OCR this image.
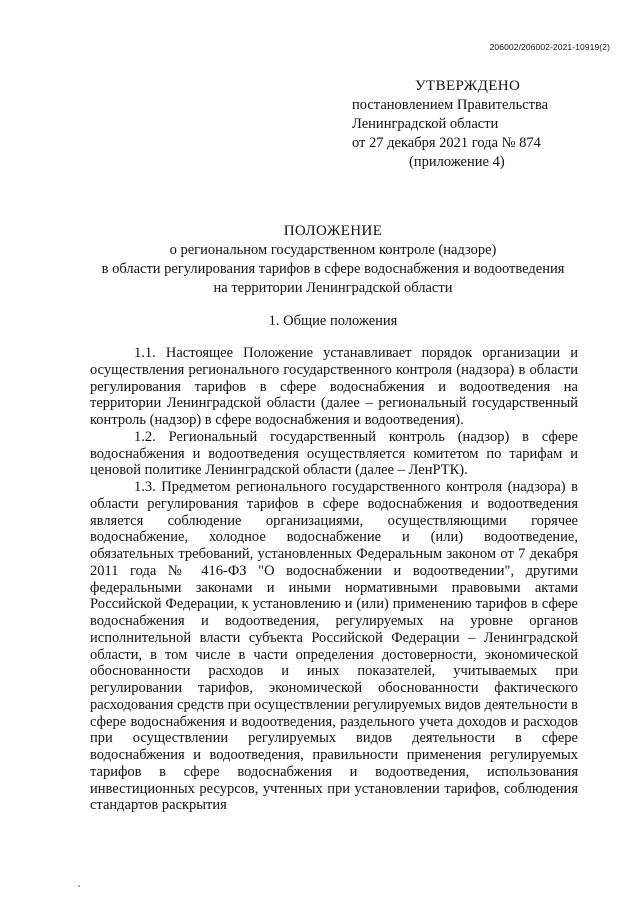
206002/206002-2021-10919(2)
УТВЕРЖДЕНО
постановлением Правительства
Ленинградской области
от 27 декабря 2021 года № 874
(приложение 4)
ПОЛОЖЕНИЕ
о региональном государственном контроле (надзоре)
в области регулирования тарифов в сфере водоснабжения и водоотведения
на территории Ленинградской области
1. Общие положения

1.1. Настоящее Положение устанавливает порядок организации и осуществления регионального государственного контроля (надзора) в области регулирования тарифов в сфере водоснабжения и водоотведения на территории Ленинградской области (далее – региональный государственный контроль (надзор) в сфере водоснабжения и водоотведения).

1.2. Региональный государственный контроль (надзор) в сфере водоснабжения и водоотведения осуществляется комитетом по тарифам и ценовой политике Ленинградской области (далее – ЛенРТК).

1.3. Предметом регионального государственного контроля (надзора) в области регулирования тарифов в сфере водоснабжения и водоотведения является соблюдение организациями, осуществляющими горячее водоснабжение, холодное водоснабжение и (или) водоотведение, обязательных требований, установленных Федеральным законом от 7 декабря 2011 года № 416-ФЗ "О водоснабжении и водоотведении", другими федеральными законами и иными нормативными правовыми актами Российской Федерации, к установлению и (или) применению тарифов в сфере водоснабжения и водоотведения, регулируемых на уровне органов исполнительной власти субъекта Российской Федерации – Ленинградской области, в том числе в части определения достоверности, экономической обоснованности расходов и иных показателей, учитываемых при регулировании тарифов, экономической обоснованности фактического расходования средств при осуществлении регулируемых видов деятельности в сфере водоснабжения и водоотведения, раздельного учета доходов и расходов при осуществлении регулируемых видов деятельности в сфере водоснабжения и водоотведения, правильности применения регулируемых тарифов в сфере водоснабжения и водоотведения, использования инвестиционных ресурсов, учтенных при установлении тарифов, соблюдения стандартов раскрытия
